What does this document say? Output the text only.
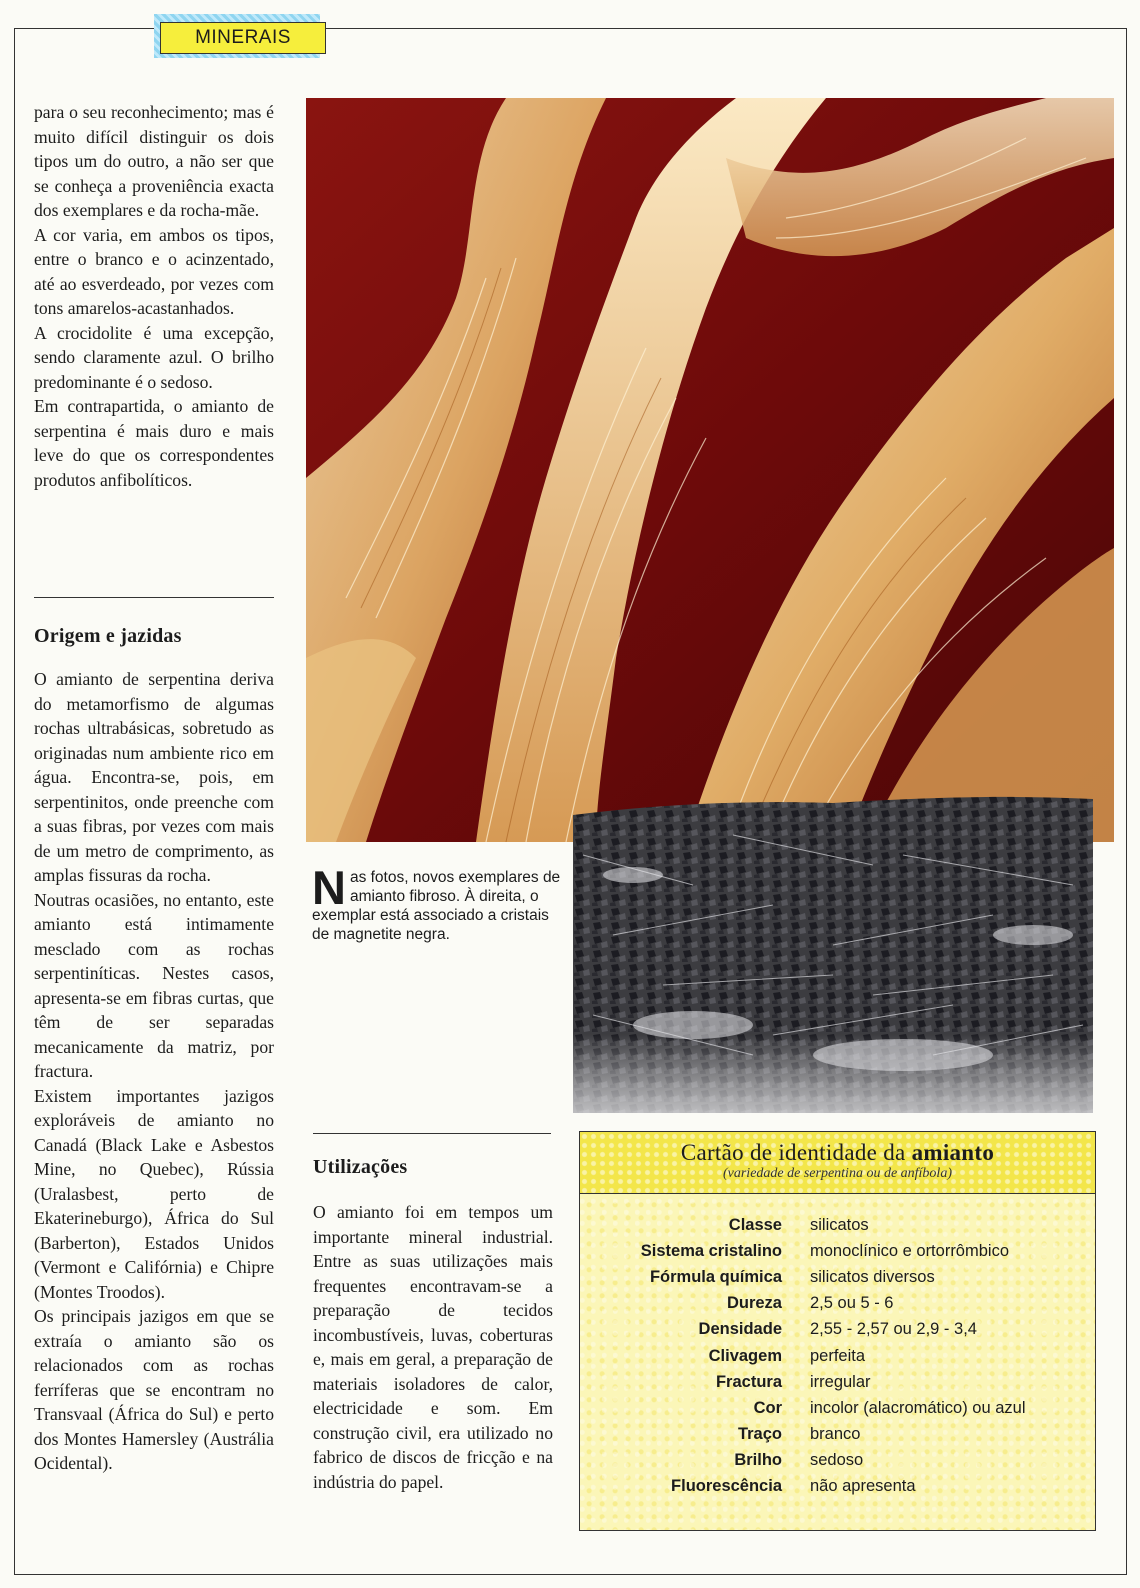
MINERAIS

para o seu reconhecimento; mas é muito difícil distinguir os dois tipos um do outro, a não ser que se conheça a proveniência exacta dos exemplares e da rocha-mãe.

A cor varia, em ambos os tipos, entre o branco e o acinzentado, até ao esverdeado, por vezes com tons amarelos-acastanhados.

A crocidolite é uma excepção, sendo claramente azul. O brilho predominante é o sedoso.

Em contrapartida, o amianto de serpentina é mais duro e mais leve do que os correspondentes produtos anfibolíticos.

Origem e jazidas

O amianto de serpentina deriva do metamorfismo de algumas rochas ultrabásicas, sobretudo as originadas num ambiente rico em água. Encontra-se, pois, em serpentinitos, onde preenche com a suas fibras, por vezes com mais de um metro de comprimento, as amplas fissuras da rocha.

Noutras ocasiões, no entanto, este amianto está intimamente mesclado com as rochas serpentiníticas. Nestes casos, apresenta-se em fibras curtas, que têm de ser separadas mecanicamente da matriz, por fractura.

Existem importantes jazigos exploráveis de amianto no Canadá (Black Lake e Asbestos Mine, no Quebec), Rússia (Uralasbest, perto de Ekaterineburgo), África do Sul (Barberton), Estados Unidos (Vermont e Califórnia) e Chipre (Montes Troodos).

Os principais jazigos em que se extraía o amianto são os relacionados com as rochas ferríferas que se encontram no Transvaal (África do Sul) e perto dos Montes Hamersley (Austrália Ocidental).

Nas fotos, novos exemplares de amianto fibroso. À direita, o exemplar está associado a cristais de magnetite negra.
Utilizações

O amianto foi em tempos um importante mineral industrial. Entre as suas utilizações mais frequentes encontravam-se a preparação de tecidos incombustíveis, luvas, coberturas e, mais em geral, a preparação de materiais isoladores de calor, electricidade e som. Em construção civil, era utilizado no fabrico de discos de fricção e na indústria do papel.

Cartão de identidade da amianto
(variedade de serpentina ou de anfíbola)
Classe	silicatos
Sistema cristalino	monoclínico e ortorrômbico
Fórmula química	silicatos diversos
Dureza	2,5 ou 5 - 6
Densidade	2,55 - 2,57 ou 2,9 - 3,4
Clivagem	perfeita
Fractura	irregular
Cor	incolor (alacromático) ou azul
Traço	branco
Brilho	sedoso
Fluorescência	não apresenta
